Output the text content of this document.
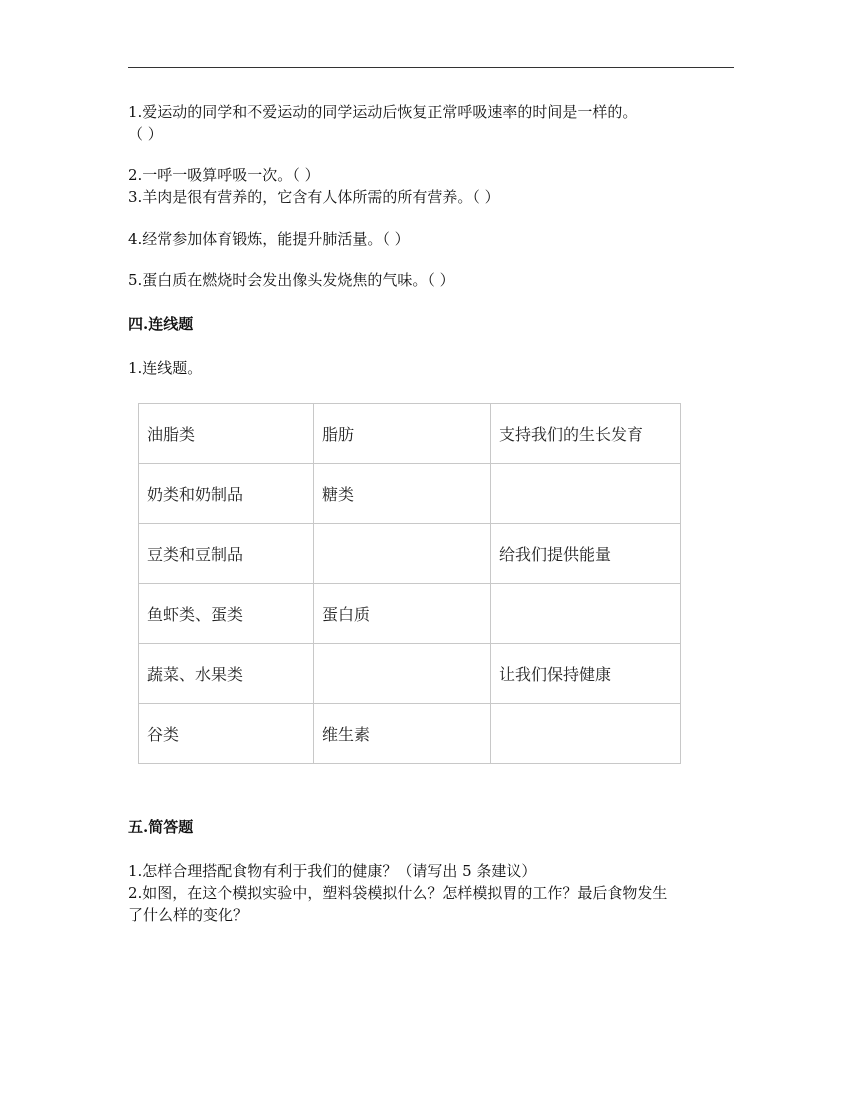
1.爱运动的同学和不爱运动的同学运动后恢复正常呼吸速率的时间是一样的。
（ ）
2.一呼一吸算呼吸一次。（ ）
3.羊肉是很有营养的，它含有人体所需的所有营养。（ ）
4.经常参加体育锻炼，能提升肺活量。（ ）
5.蛋白质在燃烧时会发出像头发烧焦的气味。（ ）
四.连线题
1.连线题。
油脂类	脂肪	支持我们的生长发育
奶类和奶制品	糖类	
豆类和豆制品		给我们提供能量
鱼虾类、蛋类	蛋白质	
蔬菜、水果类		让我们保持健康
谷类	维生素	
五.简答题
1.怎样合理搭配食物有利于我们的健康？（请写出 5 条建议）
2.如图，在这个模拟实验中，塑料袋模拟什么？怎样模拟胃的工作？最后食物发生
了什么样的变化？
